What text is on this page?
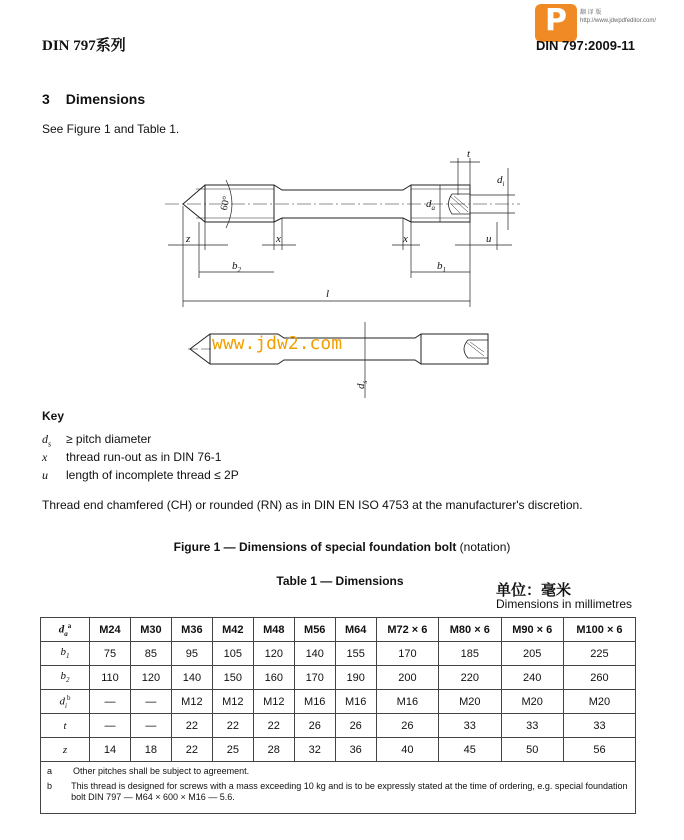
DIN 797系列
P 翻 译 版
http://www.jdwpdfeditor.com/
DIN 797:2009-11
3 Dimensions
See Figure 1 and Table 1.
t
$d_i$
$d_a$
60°
z	x	x	u
$b_2$	$b_1$
l
$d_s$
www.jdw2.com
Key
$d_s$ ≥ pitch diameter
x thread run-out as in DIN 76-1
u length of incomplete thread ≤ 2P
Thread end chamfered (CH) or rounded (RN) as in DIN EN ISO 4753 at the manufacturer's discretion.
Figure 1 — Dimensions of special foundation bolt (notation)
Table 1 — Dimensions
单位：毫米
Dimensions in millimetres
$d_a^a$	M24	M30	M36	M42	M48	M56	M64	M72 × 6	M80 × 6	M90 × 6	M100 × 6
$b_1$	75	85	95	105	120	140	155	170	185	205	225
$b_2$	110	120	140	150	160	170	190	200	220	240	260
$d_i^b$	—	—	M12	M12	M12	M16	M16	M16	M20	M20	M20
t	—	—	22	22	22	26	26	26	33	33	33
z	14	18	22	25	28	32	36	40	45	50	56

a Other pitches shall be subject to agreement.
b This thread is designed for screws with a mass exceeding 10 kg and is to be expressly stated at the time of ordering, e.g. special foundation bolt DIN 797 — M64 × 600 × M16 — 5.6.											
